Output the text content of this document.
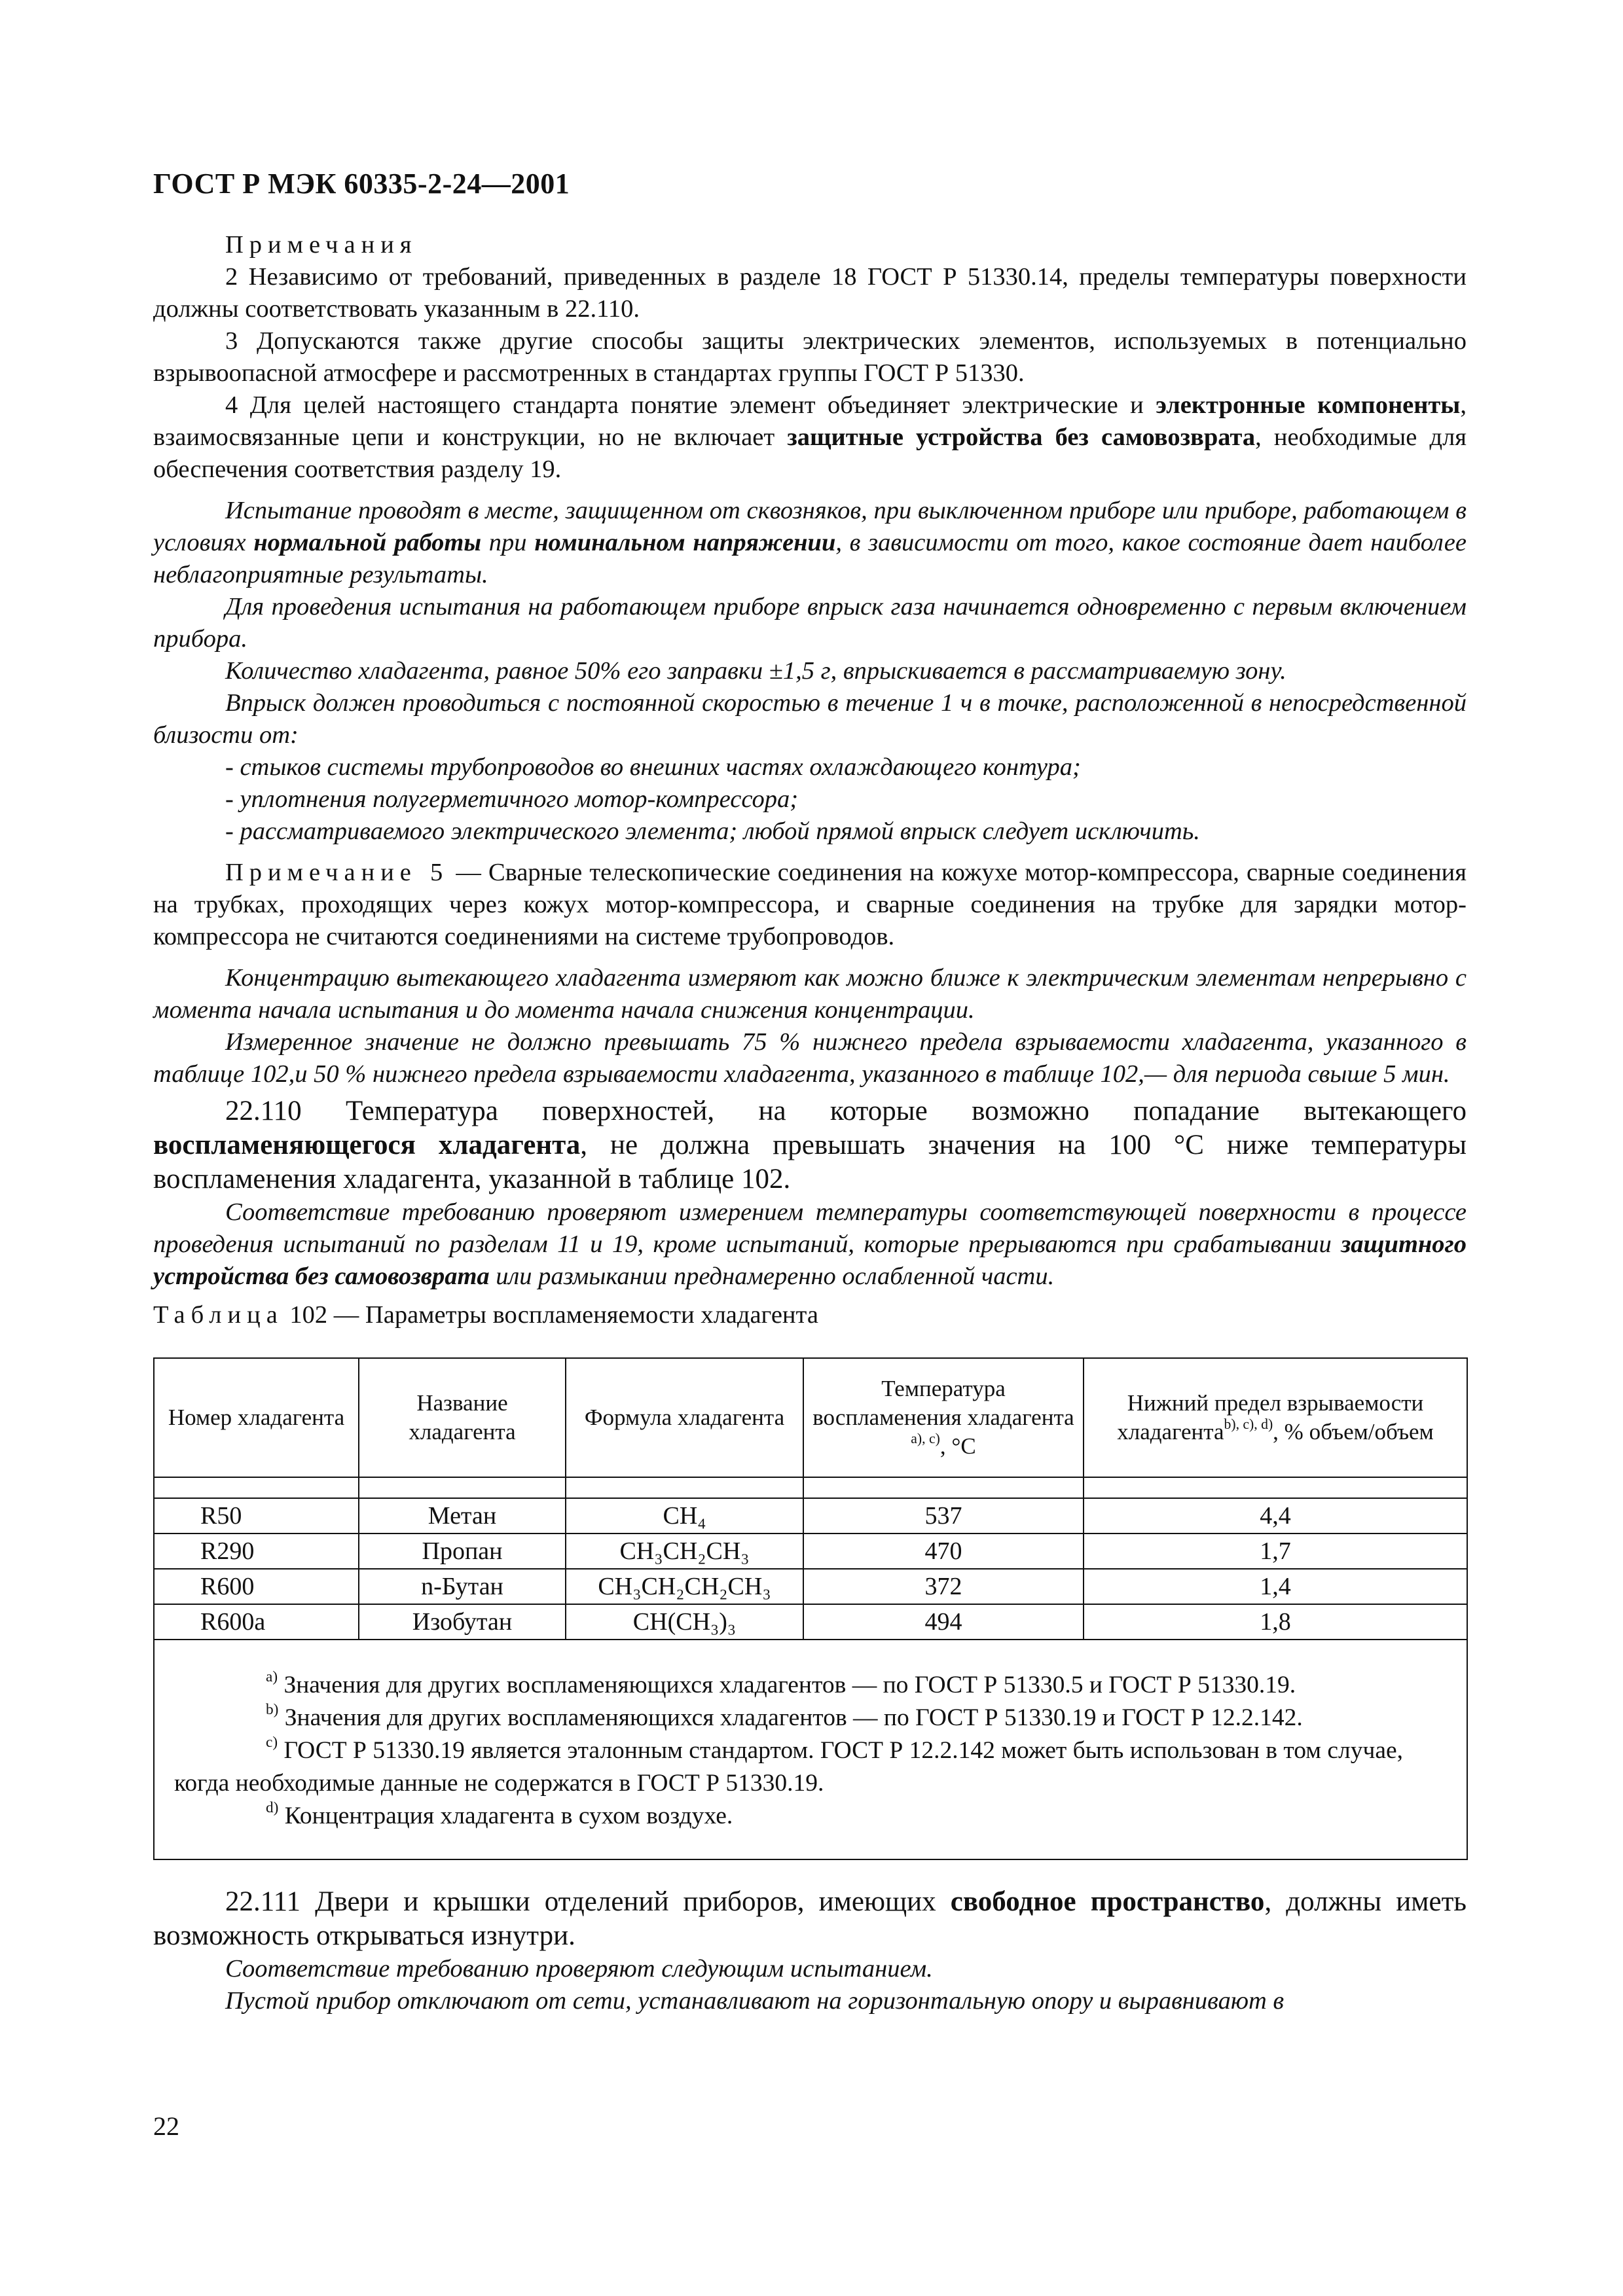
ГОСТ Р МЭК 60335-2-24—2001

Примечания

2 Независимо от требований, приведенных в разделе 18 ГОСТ Р 51330.14, пределы температуры поверхности должны соответствовать указанным в 22.110.

3 Допускаются также другие способы защиты электрических элементов, используемых в потенциально взрывоопасной атмосфере и рассмотренных в стандартах группы ГОСТ Р 51330.

4 Для целей настоящего стандарта понятие элемент объединяет электрические и электронные компоненты, взаимосвязанные цепи и конструкции, но не включает защитные устройства без самовозврата, необходимые для обеспечения соответствия разделу 19.

Испытание проводят в месте, защищенном от сквозняков, при выключенном приборе или приборе, работающем в условиях нормальной работы при номинальном напряжении, в зависимости от того, какое состояние дает наиболее неблагоприятные результаты.

Для проведения испытания на работающем приборе впрыск газа начинается одновременно с первым включением прибора.

Количество хладагента, равное 50% его заправки ±1,5 г, впрыскивается в рассматриваемую зону.

Впрыск должен проводиться с постоянной скоростью в течение 1 ч в точке, расположенной в непосредственной близости от:

- стыков системы трубопроводов во внешних частях охлаждающего контура;

- уплотнения полугерметичного мотор-компрессора;

- рассматриваемого электрического элемента; любой прямой впрыск следует исключить.

Примечание 5 — Сварные телескопические соединения на кожухе мотор-компрессора, сварные соединения на трубках, проходящих через кожух мотор-компрессора, и сварные соединения на трубке для зарядки мотор-компрессора не считаются соединениями на системе трубопроводов.

Концентрацию вытекающего хладагента измеряют как можно ближе к электрическим элементам непрерывно с момента начала испытания и до момента начала снижения концентрации.

Измеренное значение не должно превышать 75 % нижнего предела взрываемости хладагента, указанного в таблице 102,и 50 % нижнего предела взрываемости хладагента, указанного в таблице 102,— для периода свыше 5 мин.

22.110 Температура поверхностей, на которые возможно попадание вытекающего воспламеняющегося хладагента, не должна превышать значения на 100 °С ниже температуры воспламенения хладагента, указанной в таблице 102.

Соответствие требованию проверяют измерением температуры соответствующей поверхности в процессе проведения испытаний по разделам 11 и 19, кроме испытаний, которые прерываются при срабатывании защитного устройства без самовозврата или размыкании преднамеренно ослабленной части.

Таблица 102 — Параметры воспламеняемости хладагента

Номер хладагента	Название хладагента	Формула хладагента	Температура воспламенения хладагента $^{a), c)}$, °С	Нижний предел взрываемости хладагента$^{b), c), d)}$, % объем/объем

R50	Метан	CH₄	537	4,4
R290	Пропан	CH₃CH₂CH₃	470	1,7
R600	n-Бутан	CH₃CH₂CH₂CH₃	372	1,4
R600a	Изобутан	CH(CH₃)₃	494	1,8

$^{a)}$ Значения для других воспламеняющихся хладагентов — по ГОСТ Р 51330.5 и ГОСТ Р 51330.19.

$^{b)}$ Значения для других воспламеняющихся хладагентов — по ГОСТ Р 51330.19 и ГОСТ Р 12.2.142.

$^{c)}$ ГОСТ Р 51330.19 является эталонным стандартом. ГОСТ Р 12.2.142 может быть использован в том случае, когда необходимые данные не содержатся в ГОСТ Р 51330.19.

$^{d)}$ Концентрация хладагента в сухом воздухе.				

22.111 Двери и крышки отделений приборов, имеющих свободное пространство, должны иметь возможность открываться изнутри.

Соответствие требованию проверяют следующим испытанием.

Пустой прибор отключают от сети, устанавливают на горизонтальную опору и выравнивают в

22
